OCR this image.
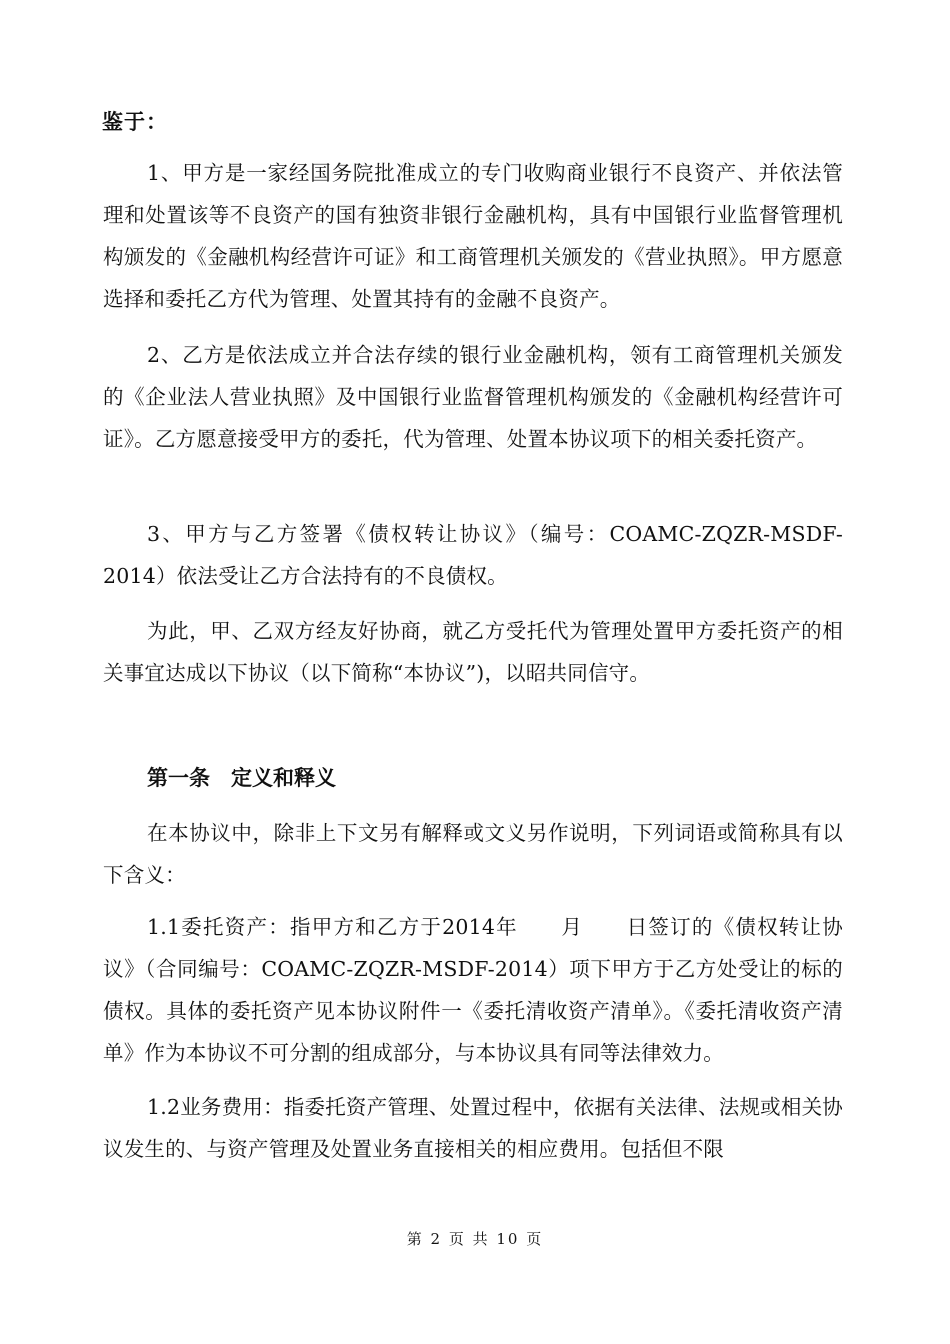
鉴于：

1、甲方是一家经国务院批准成立的专门收购商业银行不良资产、并依法管理和处置该等不良资产的国有独资非银行金融机构，具有中国银行业监督管理机构颁发的《金融机构经营许可证》和工商管理机关颁发的《营业执照》。甲方愿意选择和委托乙方代为管理、处置其持有的金融不良资产。

2、乙方是依法成立并合法存续的银行业金融机构，领有工商管理机关颁发的《企业法人营业执照》及中国银行业监督管理机构颁发的《金融机构经营许可证》。乙方愿意接受甲方的委托，代为管理、处置本协议项下的相关委托资产。

3、甲方与乙方签署《债权转让协议》（编号：COAMC-ZQZR-MSDF-2014）依法受让乙方合法持有的不良债权。

为此，甲、乙双方经友好协商，就乙方受托代为管理处置甲方委托资产的相关事宜达成以下协议（以下简称“本协议”)，以昭共同信守。

第一条　定义和释义

在本协议中，除非上下文另有解释或文义另作说明，下列词语或简称具有以下含义：

1.1委托资产：指甲方和乙方于2014年　　月　　日签订的《债权转让协议》（合同编号：COAMC-ZQZR-MSDF-2014）项下甲方于乙方处受让的标的债权。具体的委托资产见本协议附件一《委托清收资产清单》。《委托清收资产清单》作为本协议不可分割的组成部分，与本协议具有同等法律效力。

1.2业务费用：指委托资产管理、处置过程中，依据有关法律、法规或相关协议发生的、与资产管理及处置业务直接相关的相应费用。包括但不限

第 2 页 共 10 页
